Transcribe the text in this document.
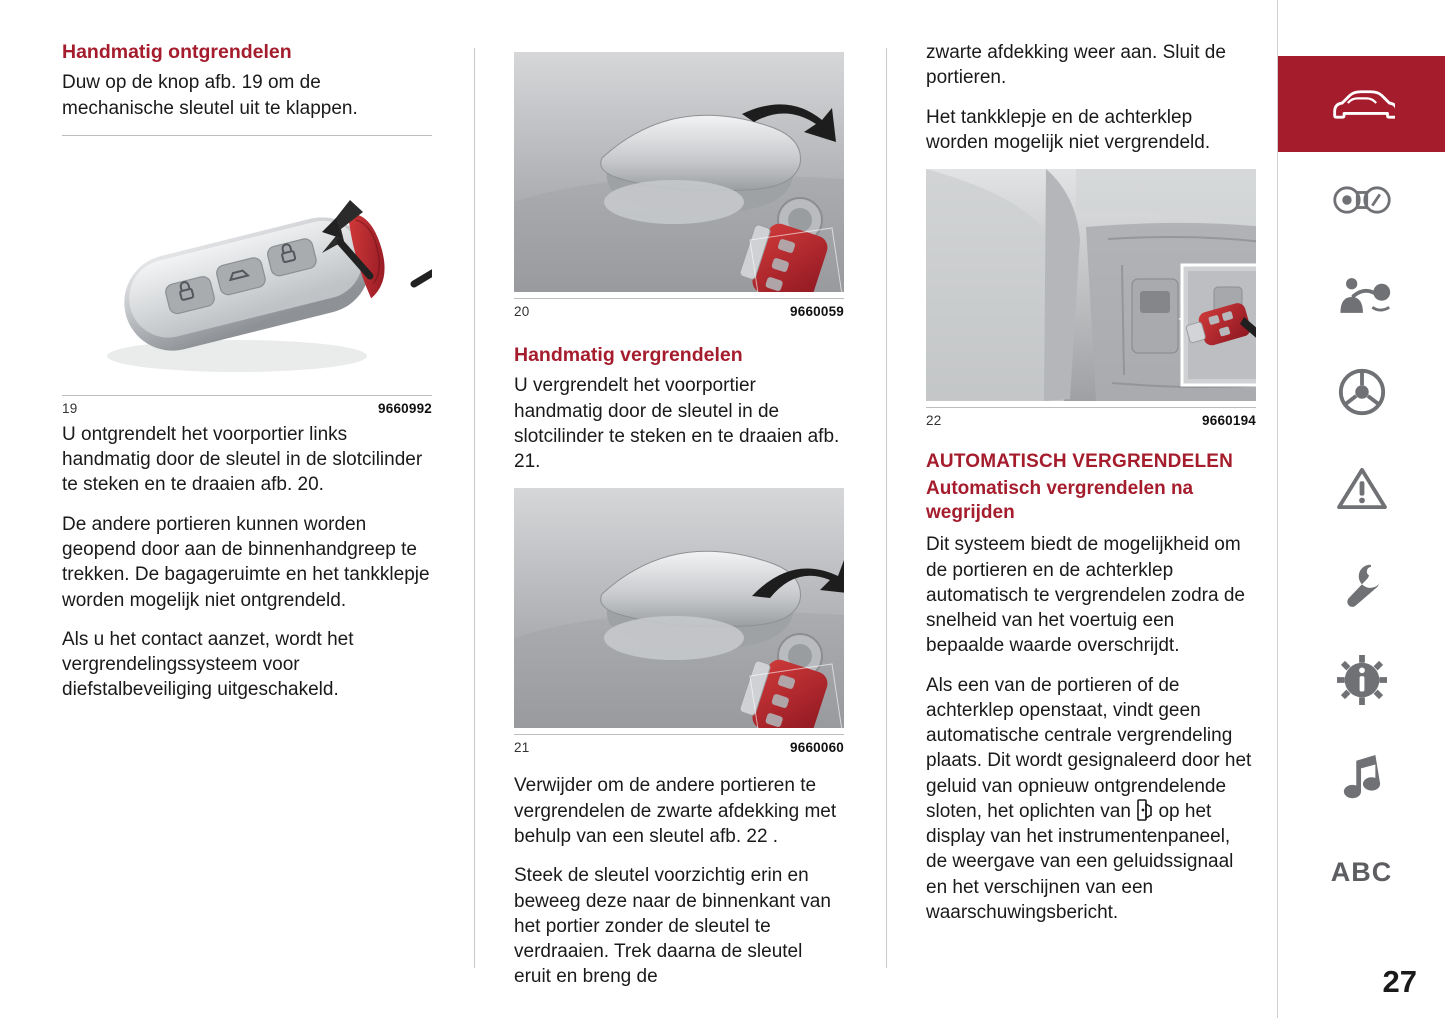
Handmatig ontgrendelen

Duw op de knop afb. 19 om de mechanische sleutel uit te klappen.

19	9660992

U ontgrendelt het voorportier links handmatig door de sleutel in de slotcilinder te steken en te draaien afb. 20.

De andere portieren kunnen worden geopend door aan de binnenhandgreep te trekken. De bagageruimte en het tankklepje worden mogelijk niet ontgrendeld.

Als u het contact aanzet, wordt het vergrendelingssysteem voor diefstalbeveiliging uitgeschakeld.

20	9660059
Handmatig vergrendelen

U vergrendelt het voorportier handmatig door de sleutel in de slotcilinder te steken en te draaien afb. 21.

21	9660060

Verwijder om de andere portieren te vergrendelen de zwarte afdekking met behulp van een sleutel afb. 22 .

Steek de sleutel voorzichtig erin en beweeg deze naar de binnenkant van het portier zonder de sleutel te verdraaien. Trek daarna de sleutel eruit en breng de

zwarte afdekking weer aan. Sluit de portieren.

Het tankklepje en de achterklep worden mogelijk niet vergrendeld.

22	9660194
AUTOMATISCH VERGRENDELEN
Automatisch vergrendelen na wegrijden

Dit systeem biedt de mogelijkheid om de portieren en de achterklep automatisch te vergrendelen zodra de snelheid van het voertuig een bepaalde waarde overschrijdt.

Als een van de portieren of de achterklep openstaat, vindt geen automatische centrale vergrendeling plaats. Dit wordt gesignaleerd door het geluid van opnieuw ontgrendelende sloten, het oplichten van op het display van het instrumentenpaneel, de weergave van een geluidssignaal en het verschijnen van een waarschuwingsbericht.

ABC
27
